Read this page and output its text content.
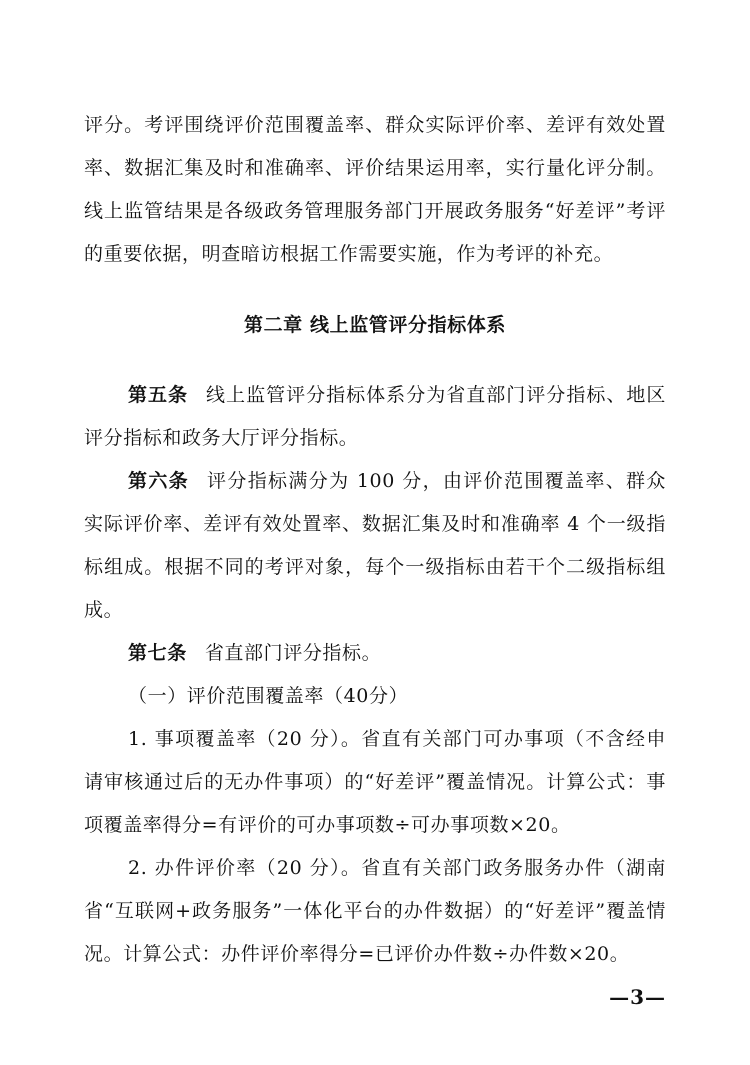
评分。考评围绕评价范围覆盖率、群众实际评价率、差评有效处置率、数据汇集及时和准确率、评价结果运用率，实行量化评分制。线上监管结果是各级政务管理服务部门开展政务服务“好差评”考评的重要依据，明查暗访根据工作需要实施，作为考评的补充。

第二章 线上监管评分指标体系

第五条 线上监管评分指标体系分为省直部门评分指标、地区评分指标和政务大厅评分指标。

第六条 评分指标满分为 100 分，由评价范围覆盖率、群众实际评价率、差评有效处置率、数据汇集及时和准确率 4 个一级指标组成。根据不同的考评对象，每个一级指标由若干个二级指标组成。

第七条 省直部门评分指标。

（一）评价范围覆盖率（40分）

1. 事项覆盖率（20 分）。省直有关部门可办事项（不含经申请审核通过后的无办件事项）的“好差评”覆盖情况。计算公式：事项覆盖率得分=有评价的可办事项数÷可办事项数×20。

2. 办件评价率（20 分）。省直有关部门政务服务办件（湖南省“互联网+政务服务”一体化平台的办件数据）的“好差评”覆盖情况。计算公式：办件评价率得分=已评价办件数÷办件数×20。

—3—
